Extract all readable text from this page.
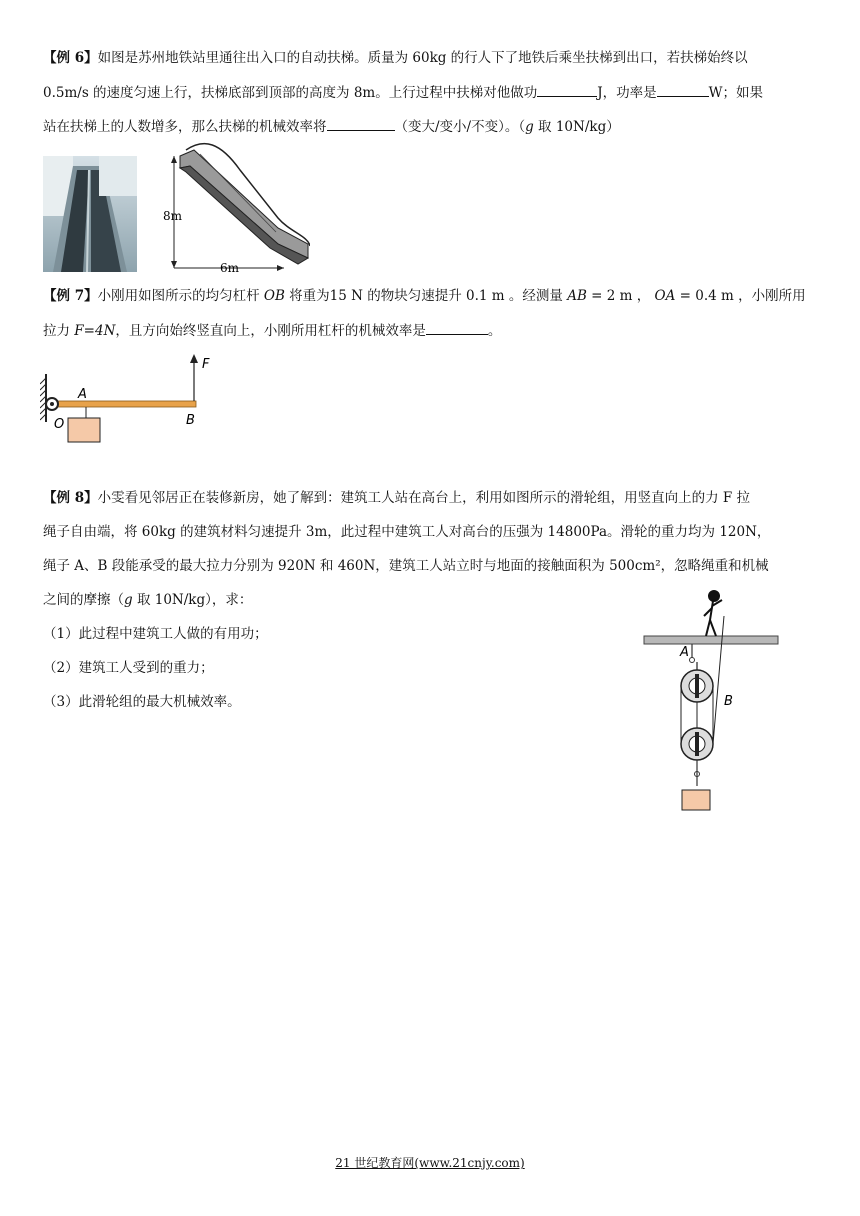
【例 6】如图是苏州地铁站里通往出入口的自动扶梯。质量为 60kg 的行人下了地铁后乘坐扶梯到出口，若扶梯始终以
0.5m/s 的速度匀速上行，扶梯底部到顶部的高度为 8m。上行过程中扶梯对他做功	J，功率是	W；如果
站在扶梯上的人数增多，那么扶梯的机械效率将	（变大/变小/不变）。（g 取 10N/kg）
8m
6m
【例 7】小刚用如图所示的均匀杠杆 OB 将重为15 N 的物块匀速提升 0.1 m 。经测量 AB = 2 m ， OA = 0.4 m ，小刚所用
拉力 F=4N，且方向始终竖直向上，小刚所用杠杆的机械效率是	。
F
A
O	B
【例 8】小雯看见邻居正在装修新房，她了解到：建筑工人站在高台上，利用如图所示的滑轮组，用竖直向上的力 F 拉
绳子自由端，将 60kg 的建筑材料匀速提升 3m，此过程中建筑工人对高台的压强为 14800Pa。滑轮的重力均为 120N，
绳子 A、B 段能承受的最大拉力分别为 920N 和 460N，建筑工人站立时与地面的接触面积为 500cm²，忽略绳重和机械
之间的摩擦（g 取 10N/kg），求：
（1）此过程中建筑工人做的有用功；
（2）建筑工人受到的重力；
（3）此滑轮组的最大机械效率。
A
B
21 世纪教育网(www.21cnjy.com)
